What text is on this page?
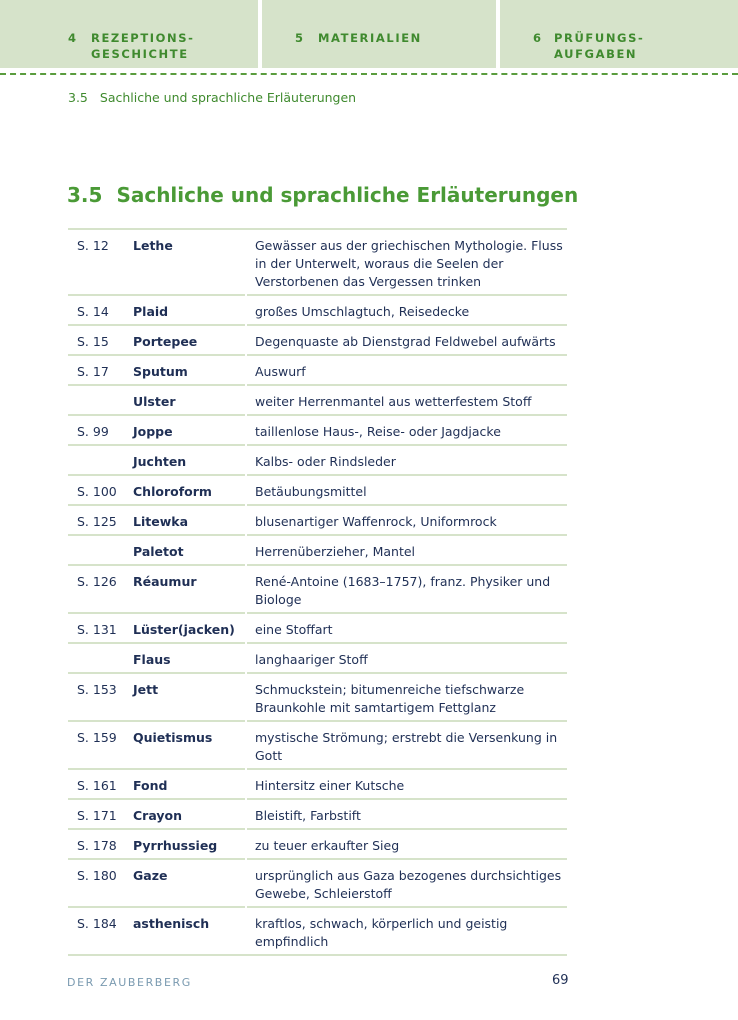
4 REZEPTIONS-
GESCHICHTE
5 MATERIALIEN	6 PRÜFUNGS-
AUFGABEN
3.5 Sachliche und sprachliche Erläuterungen
3.5 Sachliche und sprachliche Erläuterungen
S. 12	Lethe	Gewässer aus der griechischen Mythologie. Fluss in der Unterwelt, woraus die Seelen der Verstorbenen das Vergessen trinken
S. 14	Plaid	großes Umschlagtuch, Reisedecke
S. 15	Portepee	Degenquaste ab Dienstgrad Feldwebel aufwärts
S. 17	Sputum	Auswurf
	Ulster	weiter Herrenmantel aus wetterfestem Stoff
S. 99	Joppe	taillenlose Haus-, Reise- oder Jagdjacke
	Juchten	Kalbs- oder Rindsleder
S. 100	Chloroform	Betäubungsmittel
S. 125	Litewka	blusenartiger Waffenrock, Uniformrock
	Paletot	Herrenüberzieher, Mantel
S. 126	Réaumur	René-Antoine (1683–1757), franz. Physiker und Biologe
S. 131	Lüster(jacken)	eine Stoffart
	Flaus	langhaariger Stoff
S. 153	Jett	Schmuckstein; bitumenreiche tiefschwarze Braunkohle mit samtartigem Fettglanz
S. 159	Quietismus	mystische Strömung; erstrebt die Versenkung in Gott
S. 161	Fond	Hintersitz einer Kutsche
S. 171	Crayon	Bleistift, Farbstift
S. 178	Pyrrhussieg	zu teuer erkaufter Sieg
S. 180	Gaze	ursprünglich aus Gaza bezogenes durchsichtiges Gewebe, Schleierstoff
S. 184	asthenisch	kraftlos, schwach, körperlich und geistig empfindlich
DER ZAUBERBERG	69
